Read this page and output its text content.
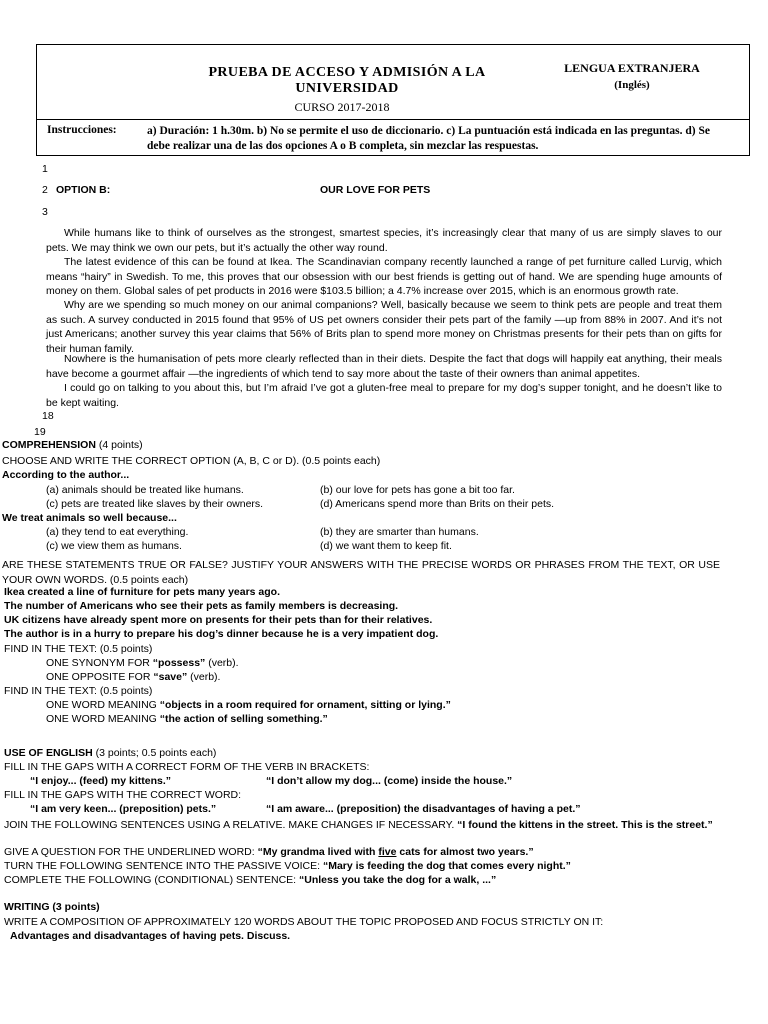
PRUEBA DE ACCESO Y ADMISIÓN A LA
UNIVERSIDAD
CURSO 2017-2018
LENGUA EXTRANJERA
(Inglés)
Instrucciones:	a) Duración: 1 h.30m. b) No se permite el uso de diccionario. c) La puntuación está indicada en las preguntas. d) Se debe realizar una de las dos opciones A o B completa, sin mezclar las respuestas.
1
2
3
18
19
OPTION B:	OUR LOVE FOR PETS
While humans like to think of ourselves as the strongest, smartest species, it’s increasingly clear that many of us are simply slaves to our pets. We may think we own our pets, but it’s actually the other way round.
The latest evidence of this can be found at Ikea. The Scandinavian company recently launched a range of pet furniture called Lurvig, which means “hairy” in Swedish. To me, this proves that our obsession with our best friends is getting out of hand. We are spending huge amounts of money on them. Global sales of pet products in 2016 were $103.5 billion; a 4.7% increase over 2015, which is an enormous growth rate.
Why are we spending so much money on our animal companions? Well, basically because we seem to think pets are people and treat them as such. A survey conducted in 2015 found that 95% of US pet owners consider their pets part of the family —up from 88% in 2007. And it’s not just Americans; another survey this year claims that 56% of Brits plan to spend more money on Christmas presents for their pets than on gifts for their human family.
Nowhere is the humanisation of pets more clearly reflected than in their diets. Despite the fact that dogs will happily eat anything, their meals have become a gourmet affair —the ingredients of which tend to say more about the taste of their owners than animal appetites.
I could go on talking to you about this, but I’m afraid I’ve got a gluten-free meal to prepare for my dog’s supper tonight, and he doesn’t like to be kept waiting.
COMPREHENSION (4 points)
CHOOSE AND WRITE THE CORRECT OPTION (A, B, C or D). (0.5 points each)
According to the author...
(a) animals should be treated like humans.	(b) our love for pets has gone a bit too far.
(c) pets are treated like slaves by their owners.	(d) Americans spend more than Brits on their pets.
We treat animals so well because...
(a) they tend to eat everything.	(b) they are smarter than humans.
(c) we view them as humans.	(d) we want them to keep fit.
ARE THESE STATEMENTS TRUE OR FALSE? JUSTIFY YOUR ANSWERS WITH THE PRECISE WORDS OR PHRASES FROM THE TEXT, OR USE YOUR OWN WORDS. (0.5 points each)
Ikea created a line of furniture for pets many years ago.
The number of Americans who see their pets as family members is decreasing.
UK citizens have already spent more on presents for their pets than for their relatives.
The author is in a hurry to prepare his dog’s dinner because he is a very impatient dog.
FIND IN THE TEXT: (0.5 points)
ONE SYNONYM FOR “possess” (verb).
ONE OPPOSITE FOR “save” (verb).
FIND IN THE TEXT: (0.5 points)
ONE WORD MEANING “objects in a room required for ornament, sitting or lying.”
ONE WORD MEANING “the action of selling something.”
USE OF ENGLISH (3 points; 0.5 points each)
FILL IN THE GAPS WITH A CORRECT FORM OF THE VERB IN BRACKETS:
“I enjoy... (feed) my kittens.”	“I don’t allow my dog... (come) inside the house.”
FILL IN THE GAPS WITH THE CORRECT WORD:
“I am very keen... (preposition) pets.”	“I am aware... (preposition) the disadvantages of having a pet.”
JOIN THE FOLLOWING SENTENCES USING A RELATIVE. MAKE CHANGES IF NECESSARY. “I found the kittens in the street. This is the street.”
GIVE A QUESTION FOR THE UNDERLINED WORD: “My grandma lived with five cats for almost two years.”
TURN THE FOLLOWING SENTENCE INTO THE PASSIVE VOICE: “Mary is feeding the dog that comes every night.”
COMPLETE THE FOLLOWING (CONDITIONAL) SENTENCE: “Unless you take the dog for a walk, ...”
WRITING (3 points)
WRITE A COMPOSITION OF APPROXIMATELY 120 WORDS ABOUT THE TOPIC PROPOSED AND FOCUS STRICTLY ON IT:
Advantages and disadvantages of having pets. Discuss.
